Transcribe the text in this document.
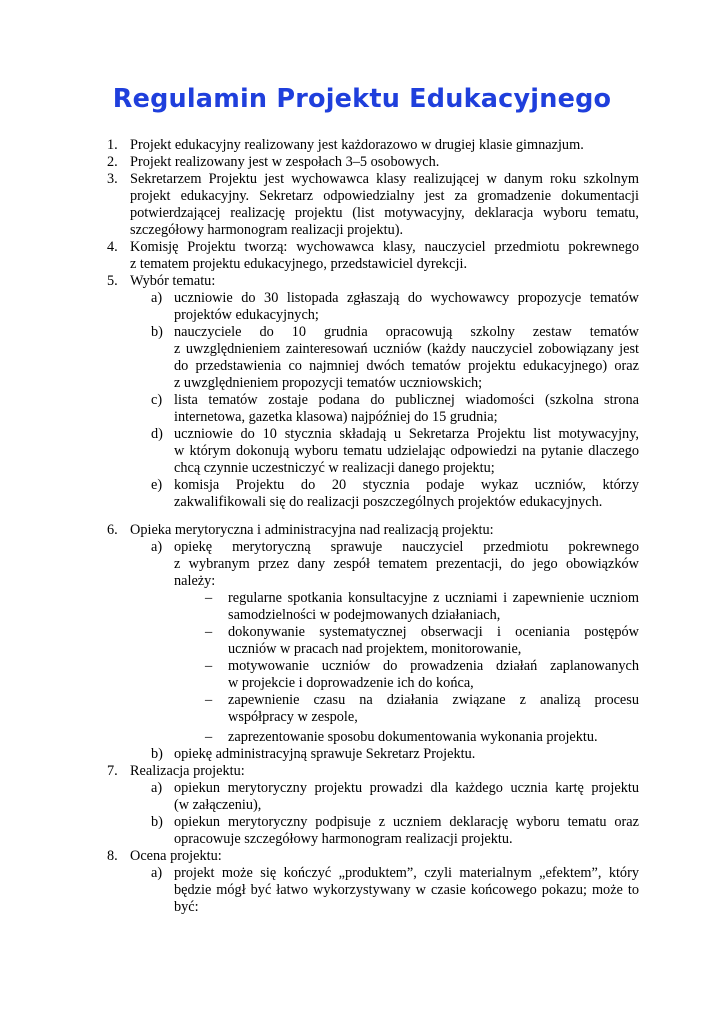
Regulamin Projektu Edukacyjnego
1. Projekt edukacyjny realizowany jest każdorazowo w drugiej klasie gimnazjum.
2. Projekt realizowany jest w zespołach 3–5 osobowych.
3. Sekretarzem Projektu jest wychowawca klasy realizującej w danym roku szkolnym
projekt edukacyjny. Sekretarz odpowiedzialny jest za gromadzenie dokumentacji
potwierdzającej realizację projektu (list motywacyjny, deklaracja wyboru tematu,
szczegółowy harmonogram realizacji projektu).
4. Komisję Projektu tworzą: wychowawca klasy, nauczyciel przedmiotu pokrewnego
z tematem projektu edukacyjnego, przedstawiciel dyrekcji.
5. Wybór tematu:
a) uczniowie do 30 listopada zgłaszają do wychowawcy propozycje tematów
projektów edukacyjnych;
b) nauczyciele do 10 grudnia opracowują szkolny zestaw tematów
z uwzględnieniem zainteresowań uczniów (każdy nauczyciel zobowiązany jest
do przedstawienia co najmniej dwóch tematów projektu edukacyjnego) oraz
z uwzględnieniem propozycji tematów uczniowskich;
c) lista tematów zostaje podana do publicznej wiadomości (szkolna strona
internetowa, gazetka klasowa) najpóźniej do 15 grudnia;
d) uczniowie do 10 stycznia składają u Sekretarza Projektu list motywacyjny,
w którym dokonują wyboru tematu udzielając odpowiedzi na pytanie dlaczego
chcą czynnie uczestniczyć w realizacji danego projektu;
e) komisja Projektu do 20 stycznia podaje wykaz uczniów, którzy
zakwalifikowali się do realizacji poszczególnych projektów edukacyjnych.
6. Opieka merytoryczna i administracyjna nad realizacją projektu:
a) opiekę merytoryczną sprawuje nauczyciel przedmiotu pokrewnego
z wybranym przez dany zespół tematem prezentacji, do jego obowiązków
należy:
– regularne spotkania konsultacyjne z uczniami i zapewnienie uczniom
samodzielności w podejmowanych działaniach,
– dokonywanie systematycznej obserwacji i oceniania postępów
uczniów w pracach nad projektem, monitorowanie,
– motywowanie uczniów do prowadzenia działań zaplanowanych
w projekcie i doprowadzenie ich do końca,
– zapewnienie czasu na działania związane z analizą procesu
współpracy w zespole,
– zaprezentowanie sposobu dokumentowania wykonania projektu.
b) opiekę administracyjną sprawuje Sekretarz Projektu.
7. Realizacja projektu:
a) opiekun merytoryczny projektu prowadzi dla każdego ucznia kartę projektu
(w załączeniu),
b) opiekun merytoryczny podpisuje z uczniem deklarację wyboru tematu oraz
opracowuje szczegółowy harmonogram realizacji projektu.
8. Ocena projektu:
a) projekt może się kończyć „produktem”, czyli materialnym „efektem”, który
będzie mógł być łatwo wykorzystywany w czasie końcowego pokazu; może to
być:
